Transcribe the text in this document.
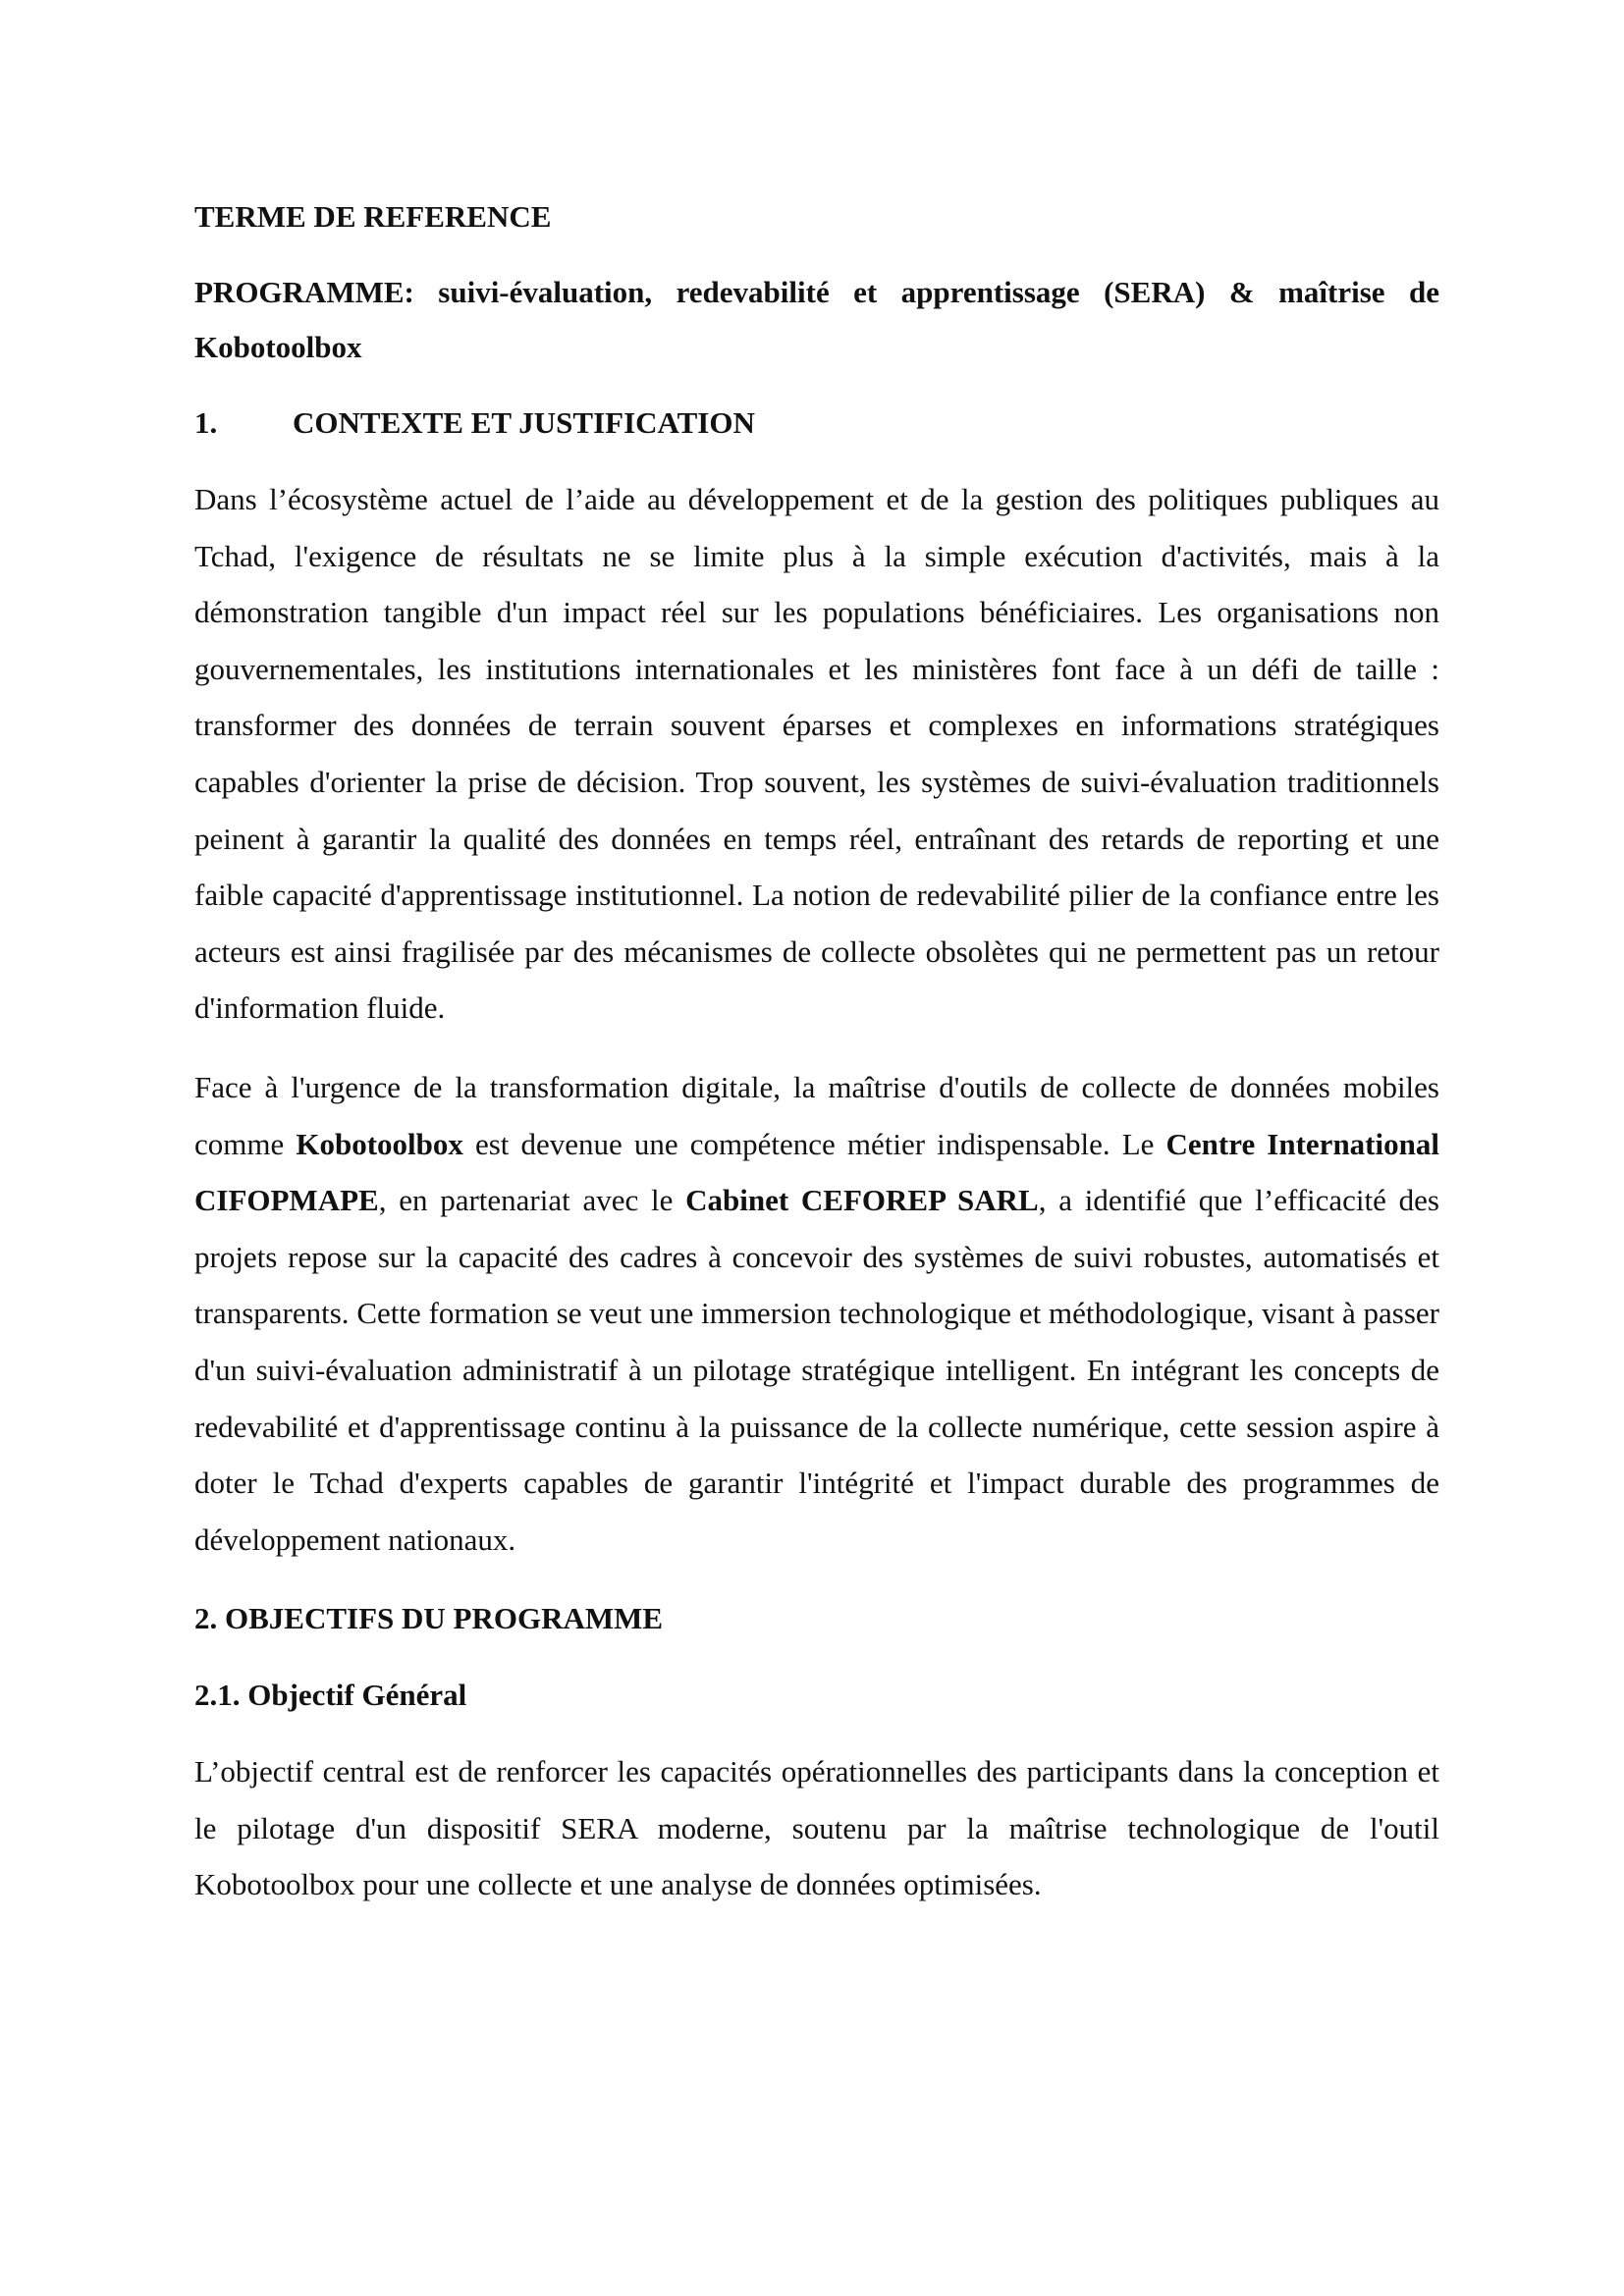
TERME DE REFERENCE
PROGRAMME: suivi-évaluation, redevabilité et apprentissage (SERA) & maîtrise de Kobotoolbox
1. CONTEXTE ET JUSTIFICATION

Dans l’écosystème actuel de l’aide au développement et de la gestion des politiques publiques au Tchad, l'exigence de résultats ne se limite plus à la simple exécution d'activités, mais à la démonstration tangible d'un impact réel sur les populations bénéficiaires. Les organisations non gouvernementales, les institutions internationales et les ministères font face à un défi de taille : transformer des données de terrain souvent éparses et complexes en informations stratégiques capables d'orienter la prise de décision. Trop souvent, les systèmes de suivi-évaluation traditionnels peinent à garantir la qualité des données en temps réel, entraînant des retards de reporting et une faible capacité d'apprentissage institutionnel. La notion de redevabilité pilier de la confiance entre les acteurs est ainsi fragilisée par des mécanismes de collecte obsolètes qui ne permettent pas un retour d'information fluide.

Face à l'urgence de la transformation digitale, la maîtrise d'outils de collecte de données mobiles comme Kobotoolbox est devenue une compétence métier indispensable. Le Centre International CIFOPMAPE, en partenariat avec le Cabinet CEFOREP SARL, a identifié que l’efficacité des projets repose sur la capacité des cadres à concevoir des systèmes de suivi robustes, automatisés et transparents. Cette formation se veut une immersion technologique et méthodologique, visant à passer d'un suivi-évaluation administratif à un pilotage stratégique intelligent. En intégrant les concepts de redevabilité et d'apprentissage continu à la puissance de la collecte numérique, cette session aspire à doter le Tchad d'experts capables de garantir l'intégrité et l'impact durable des programmes de développement nationaux.

2. OBJECTIFS DU PROGRAMME
2.1. Objectif Général

L’objectif central est de renforcer les capacités opérationnelles des participants dans la conception et le pilotage d'un dispositif SERA moderne, soutenu par la maîtrise technologique de l'outil Kobotoolbox pour une collecte et une analyse de données optimisées.
